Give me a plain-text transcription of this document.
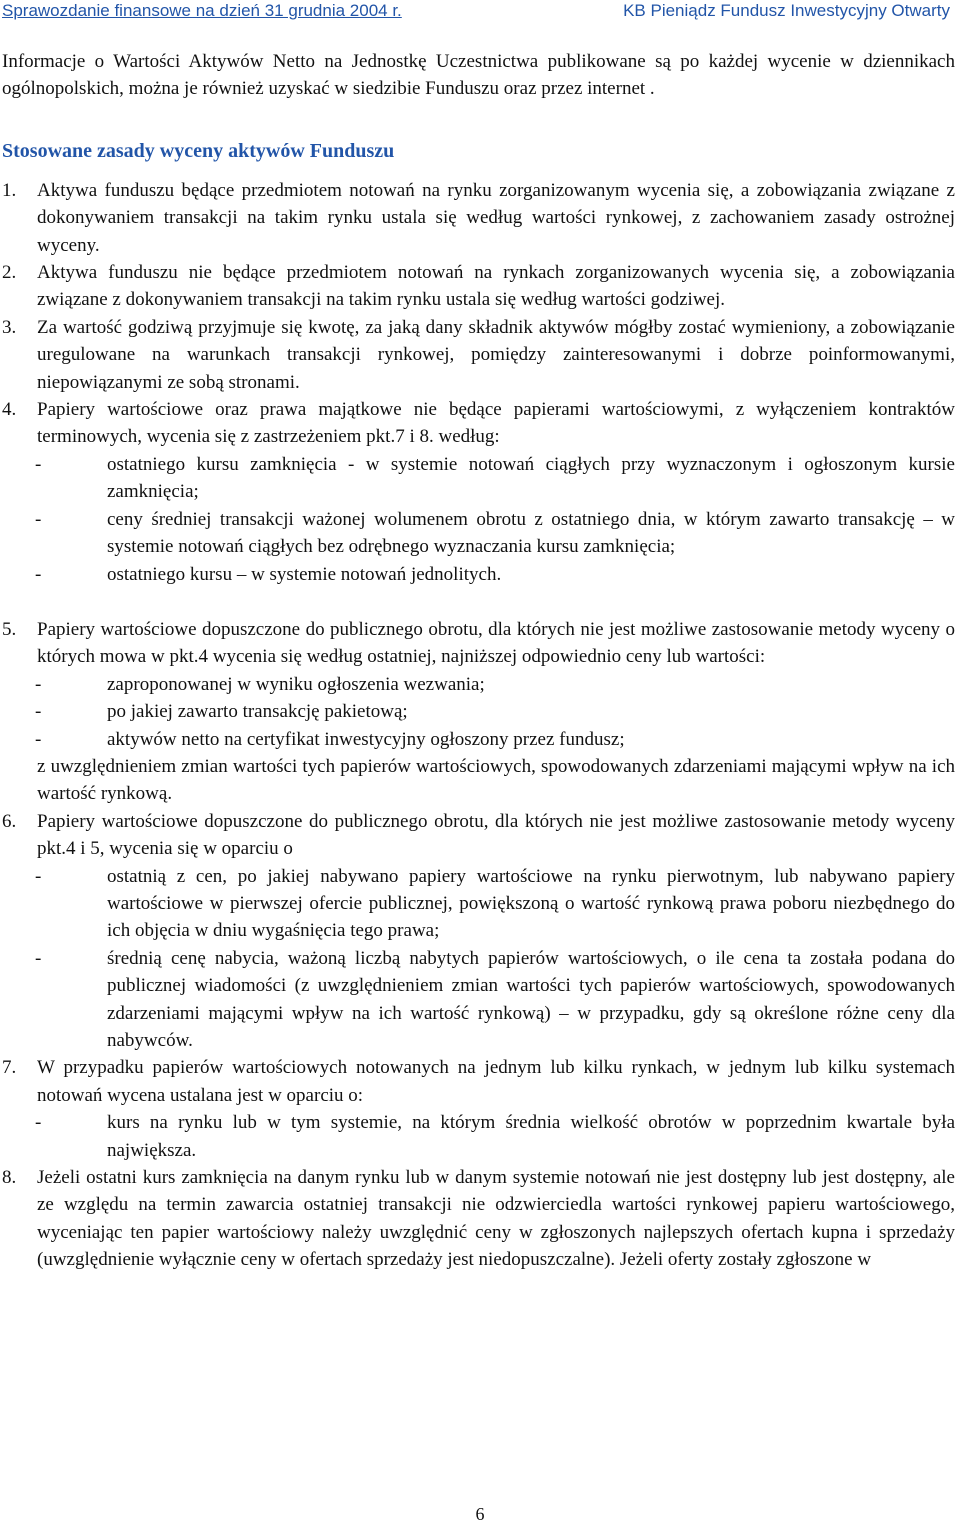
Sprawozdanie finansowe na dzień 31 grudnia 2004 r.	KB Pieniądz Fundusz Inwestycyjny Otwarty

Informacje o Wartości Aktywów Netto na Jednostkę Uczestnictwa publikowane są po każdej wycenie w dziennikach ogólnopolskich, można je również uzyskać w siedzibie Funduszu oraz przez internet .

Stosowane zasady wyceny aktywów Funduszu
1. Aktywa funduszu będące przedmiotem notowań na rynku zorganizowanym wycenia się, a zobowiązania związane z dokonywaniem transakcji na takim rynku ustala się według wartości rynkowej, z zachowaniem zasady ostrożnej wyceny.
2. Aktywa funduszu nie będące przedmiotem notowań na rynkach zorganizowanych wycenia się, a zobowiązania związane z dokonywaniem transakcji na takim rynku ustala się według wartości godziwej.
3. Za wartość godziwą przyjmuje się kwotę, za jaką dany składnik aktywów mógłby zostać wymieniony, a zobowiązanie uregulowane na warunkach transakcji rynkowej, pomiędzy zainteresowanymi i dobrze poinformowanymi, niepowiązanymi ze sobą stronami.
4. Papiery wartościowe oraz prawa majątkowe nie będące papierami wartościowymi, z wyłączeniem kontraktów terminowych, wycenia się z zastrzeżeniem pkt.7 i 8. według:
-	ostatniego kursu zamknięcia - w systemie notowań ciągłych przy wyznaczonym i ogłoszonym kursie zamknięcia;
-	ceny średniej transakcji ważonej wolumenem obrotu z ostatniego dnia, w którym zawarto transakcję – w systemie notowań ciągłych bez odrębnego wyznaczania kursu zamknięcia;
-	ostatniego kursu – w systemie notowań jednolitych.
5. Papiery wartościowe dopuszczone do publicznego obrotu, dla których nie jest możliwe zastosowanie metody wyceny o których mowa w pkt.4 wycenia się według ostatniej, najniższej odpowiednio ceny lub wartości:
-	zaproponowanej w wyniku ogłoszenia wezwania;
-	po jakiej zawarto transakcję pakietową;
-	aktywów netto na certyfikat inwestycyjny ogłoszony przez fundusz;
z uwzględnieniem zmian wartości tych papierów wartościowych, spowodowanych zdarzeniami mającymi wpływ na ich wartość rynkową.
6. Papiery wartościowe dopuszczone do publicznego obrotu, dla których nie jest możliwe zastosowanie metody wyceny pkt.4 i 5, wycenia się w oparciu o
-	ostatnią z cen, po jakiej nabywano papiery wartościowe na rynku pierwotnym, lub nabywano papiery wartościowe w pierwszej ofercie publicznej, powiększoną o wartość rynkową prawa poboru niezbędnego do ich objęcia w dniu wygaśnięcia tego prawa;
-	średnią cenę nabycia, ważoną liczbą nabytych papierów wartościowych, o ile cena ta została podana do publicznej wiadomości (z uwzględnieniem zmian wartości tych papierów wartościowych, spowodowanych zdarzeniami mającymi wpływ na ich wartość rynkową) – w przypadku, gdy są określone różne ceny dla nabywców.
7. W przypadku papierów wartościowych notowanych na jednym lub kilku rynkach, w jednym lub kilku systemach notowań wycena ustalana jest w oparciu o:
-	kurs na rynku lub w tym systemie, na którym średnia wielkość obrotów w poprzednim kwartale była największa.
8. Jeżeli ostatni kurs zamknięcia na danym rynku lub w danym systemie notowań nie jest dostępny lub jest dostępny, ale ze względu na termin zawarcia ostatniej transakcji nie odzwierciedla wartości rynkowej papieru wartościowego, wyceniając ten papier wartościowy należy uwzględnić ceny w zgłoszonych najlepszych ofertach kupna i sprzedaży (uwzględnienie wyłącznie ceny w ofertach sprzedaży jest niedopuszczalne). Jeżeli oferty zostały zgłoszone w
6
